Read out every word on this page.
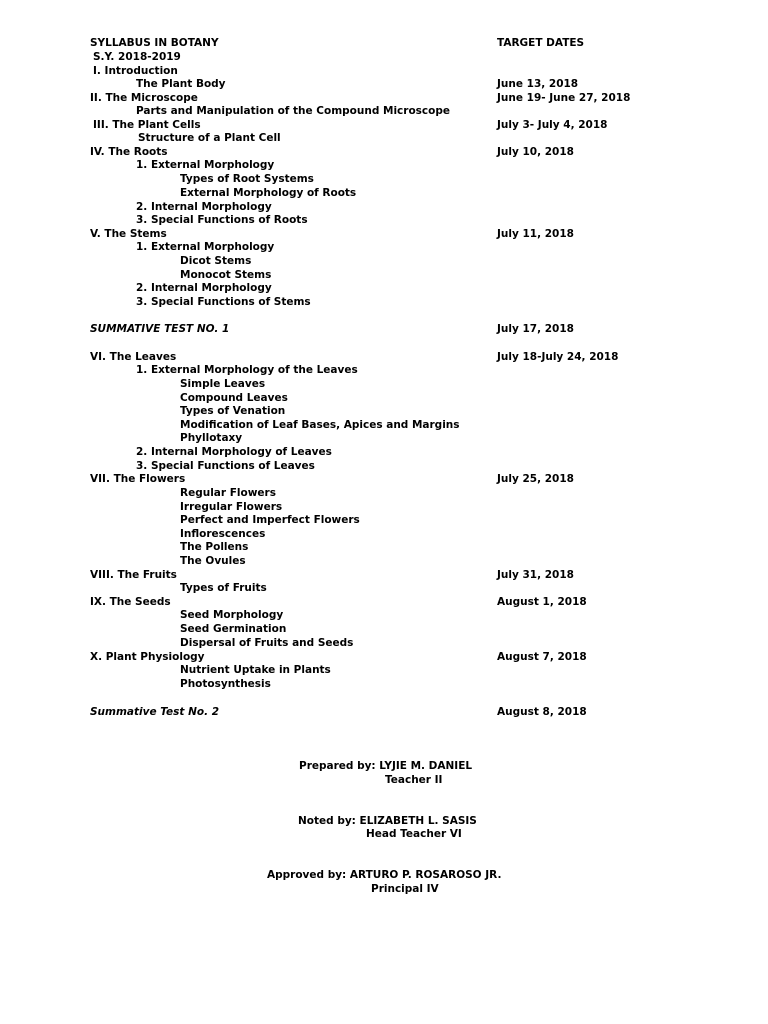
SYLLABUS IN BOTANY	TARGET DATES
S.Y. 2018-2019
I. Introduction
The Plant Body	June 13, 2018
II. The Microscope	June 19- June 27, 2018
Parts and Manipulation of the Compound Microscope
III. The Plant Cells	July 3- July 4, 2018
Structure of a Plant Cell
IV. The Roots	July 10, 2018
1. External Morphology
Types of Root Systems
External Morphology of Roots
2. Internal Morphology
3. Special Functions of Roots
V. The Stems	July 11, 2018
1. External Morphology
Dicot Stems
Monocot Stems
2. Internal Morphology
3. Special Functions of Stems
SUMMATIVE TEST NO. 1	July 17, 2018
VI. The Leaves	July 18-July 24, 2018
1. External Morphology of the Leaves
Simple Leaves
Compound Leaves
Types of Venation
Modification of Leaf Bases, Apices and Margins
Phyllotaxy
2. Internal Morphology of Leaves
3. Special Functions of Leaves
VII. The Flowers	July 25, 2018
Regular Flowers
Irregular Flowers
Perfect and Imperfect Flowers
Inflorescences
The Pollens
The Ovules
VIII. The Fruits	July 31, 2018
Types of Fruits
IX. The Seeds	August 1, 2018
Seed Morphology
Seed Germination
Dispersal of Fruits and Seeds
X. Plant Physiology	August 7, 2018
Nutrient Uptake in Plants
Photosynthesis
Summative Test No. 2	August 8, 2018
Prepared by: LYJIE M. DANIEL
Teacher II
Noted by: ELIZABETH L. SASIS
Head Teacher VI
Approved by: ARTURO P. ROSAROSO JR.
Principal IV
